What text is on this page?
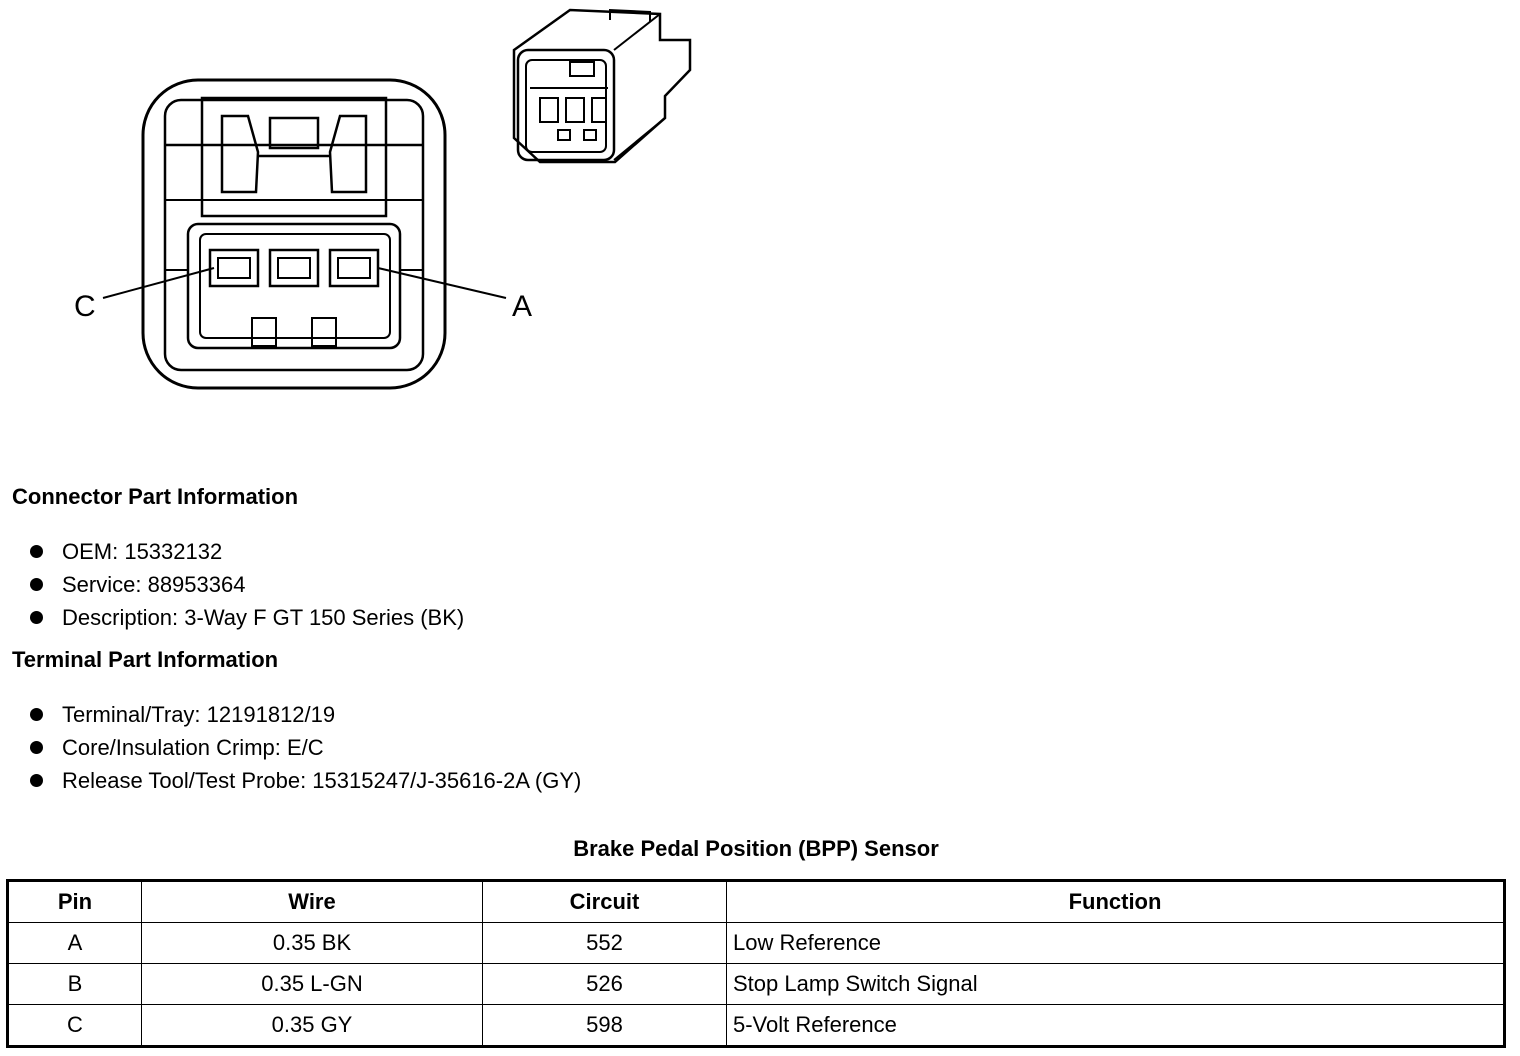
C	A
Connector Part Information
OEM: 15332132
Service: 88953364
Description: 3-Way F GT 150 Series (BK)
Terminal Part Information
Terminal/Tray: 12191812/19
Core/Insulation Crimp: E/C
Release Tool/Test Probe: 15315247/J-35616-2A (GY)
Brake Pedal Position (BPP) Sensor
Pin	Wire	Circuit	Function
A	0.35 BK	552	Low Reference
B	0.35 L-GN	526	Stop Lamp Switch Signal
C	0.35 GY	598	5-Volt Reference
